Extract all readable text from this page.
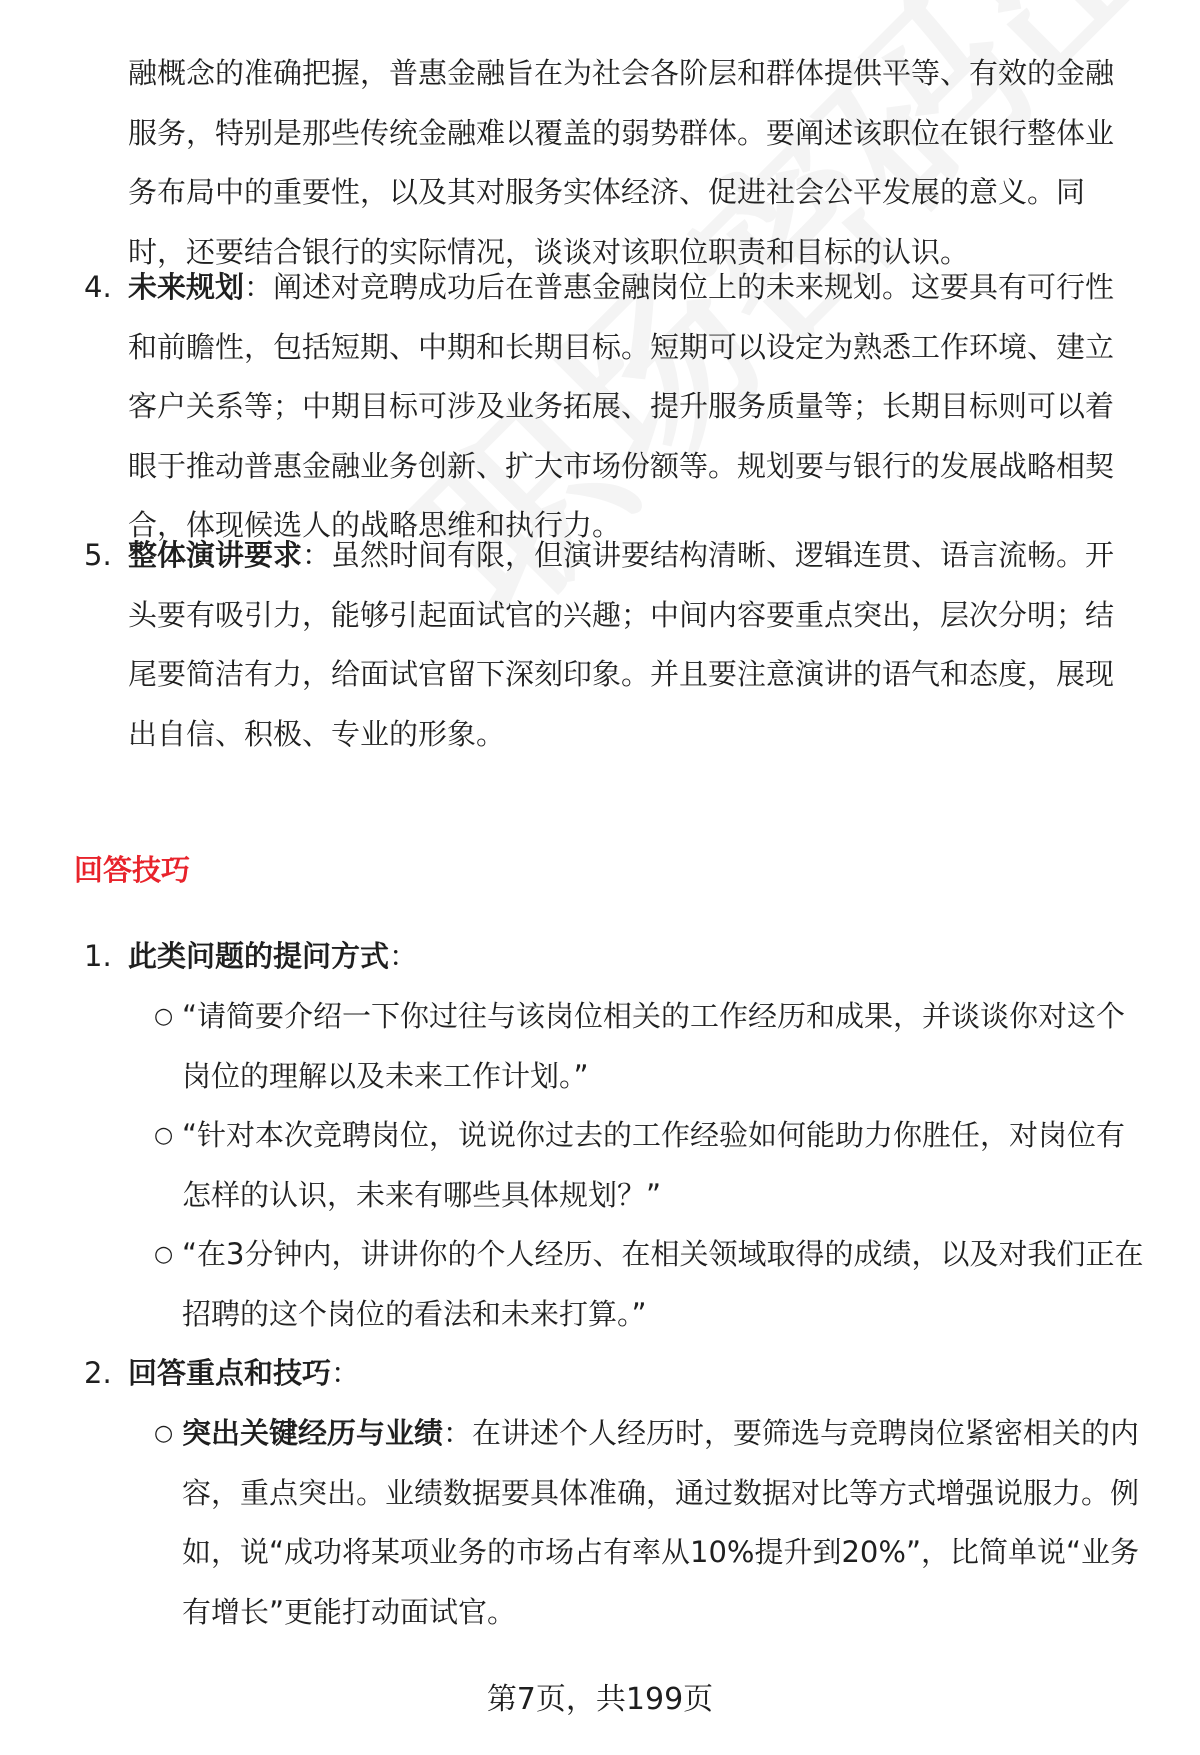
融概念的准确把握，普惠金融旨在为社会各阶层和群体提供平等、有效的金融服务，特别是那些传统金融难以覆盖的弱势群体。要阐述该职位在银行整体业务布局中的重要性，以及其对服务实体经济、促进社会公平发展的意义。同时，还要结合银行的实际情况，谈谈对该职位职责和目标的认识。

4. 未来规划：阐述对竞聘成功后在普惠金融岗位上的未来规划。这要具有可行性和前瞻性，包括短期、中期和长期目标。短期可以设定为熟悉工作环境、建立客户关系等；中期目标可涉及业务拓展、提升服务质量等；长期目标则可以着眼于推动普惠金融业务创新、扩大市场份额等。规划要与银行的发展战略相契合，体现候选人的战略思维和执行力。

5. 整体演讲要求：虽然时间有限，但演讲要结构清晰、逻辑连贯、语言流畅。开头要有吸引力，能够引起面试官的兴趣；中间内容要重点突出，层次分明；结尾要简洁有力，给面试官留下深刻印象。并且要注意演讲的语气和态度，展现出自信、积极、专业的形象。

回答技巧
1. 此类问题的提问方式：

○ “请简要介绍一下你过往与该岗位相关的工作经历和成果，并谈谈你对这个岗位的理解以及未来工作计划。”

○ “针对本次竞聘岗位，说说你过去的工作经验如何能助力你胜任，对岗位有怎样的认识，未来有哪些具体规划？”

○ “在3分钟内，讲讲你的个人经历、在相关领域取得的成绩，以及对我们正在招聘的这个岗位的看法和未来打算。”

2. 回答重点和技巧：

○ 突出关键经历与业绩：在讲述个人经历时，要筛选与竞聘岗位紧密相关的内容，重点突出。业绩数据要具体准确，通过数据对比等方式增强说服力。例如，说“成功将某项业务的市场占有率从10%提升到20%”，比简单说“业务有增长”更能打动面试官。

第7页，共199页
